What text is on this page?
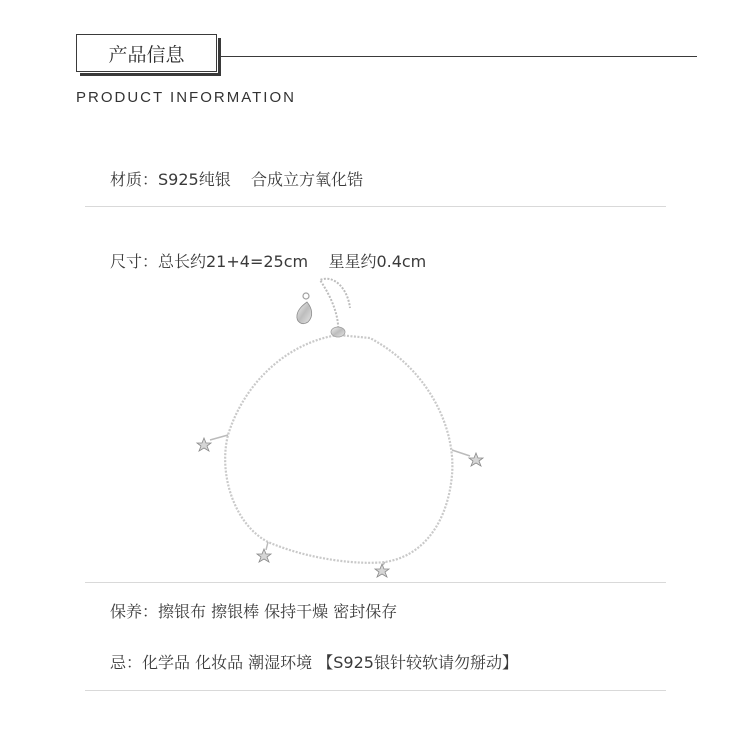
产品信息
PRODUCT INFORMATION
材质：S925纯银    合成立方氧化锆
尺寸：总长约21+4=25cm    星星约0.4cm
保养：擦银布 擦银棒 保持干燥 密封保存
忌：化学品 化妆品 潮湿环境 【S925银针较软请勿掰动】
